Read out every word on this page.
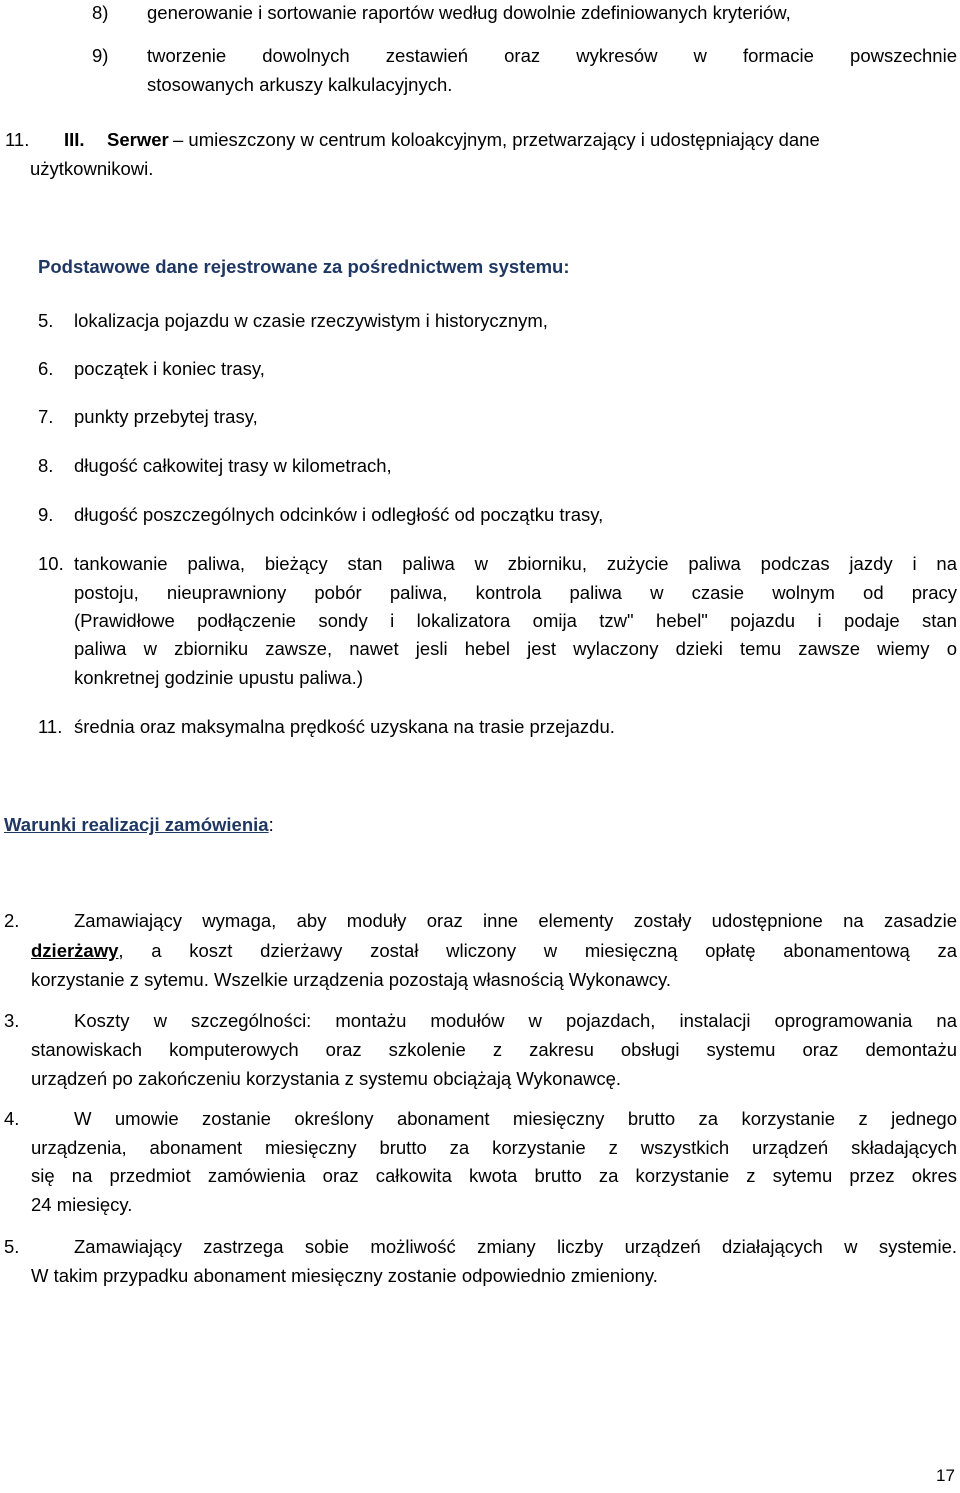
8) generowanie i sortowanie raportów według dowolnie zdefiniowanych kryteriów,
9) tworzenie dowolnych zestawień oraz wykresów w formacie powszechnie
stosowanych arkuszy kalkulacyjnych.
11. III. Serwer – umieszczony w centrum koloakcyjnym, przetwarzający i udostępniający dane
użytkownikowi.
Podstawowe dane rejestrowane za pośrednictwem systemu:
5. lokalizacja pojazdu w czasie rzeczywistym i historycznym,
6. początek i koniec trasy,
7. punkty przebytej trasy,
8. długość całkowitej trasy w kilometrach,
9. długość poszczególnych odcinków i odległość od początku trasy,
10. tankowanie paliwa, bieżący stan paliwa w zbiorniku, zużycie paliwa podczas jazdy i na
postoju, nieuprawniony pobór paliwa, kontrola paliwa w czasie wolnym od pracy
(Prawidłowe podłączenie sondy i lokalizatora omija tzw" hebel" pojazdu i podaje stan
paliwa w zbiorniku zawsze, nawet jesli hebel jest wylaczony dzieki temu zawsze wiemy o
konkretnej godzinie upustu paliwa.)
11. średnia oraz maksymalna prędkość uzyskana na trasie przejazdu.
Warunki realizacji zamówienia:
2.	Zamawiający wymaga, aby moduły oraz inne elementy zostały udostępnione na zasadzie
dzierżawy, a koszt dzierżawy został wliczony w miesięczną opłatę abonamentową za
korzystanie z sytemu. Wszelkie urządzenia pozostają własnością Wykonawcy.
3.	Koszty w szczególności: montażu modułów w pojazdach, instalacji oprogramowania na
stanowiskach komputerowych oraz szkolenie z zakresu obsługi systemu oraz demontażu
urządzeń po zakończeniu korzystania z systemu obciążają Wykonawcę.
4.	W umowie zostanie określony abonament miesięczny brutto za korzystanie z jednego
urządzenia, abonament miesięczny brutto za korzystanie z wszystkich urządzeń składających
się na przedmiot zamówienia oraz całkowita kwota brutto za korzystanie z sytemu przez okres
24 miesięcy.
5.	Zamawiający zastrzega sobie możliwość zmiany liczby urządzeń działających w systemie.
W takim przypadku abonament miesięczny zostanie odpowiednio zmieniony.
17
